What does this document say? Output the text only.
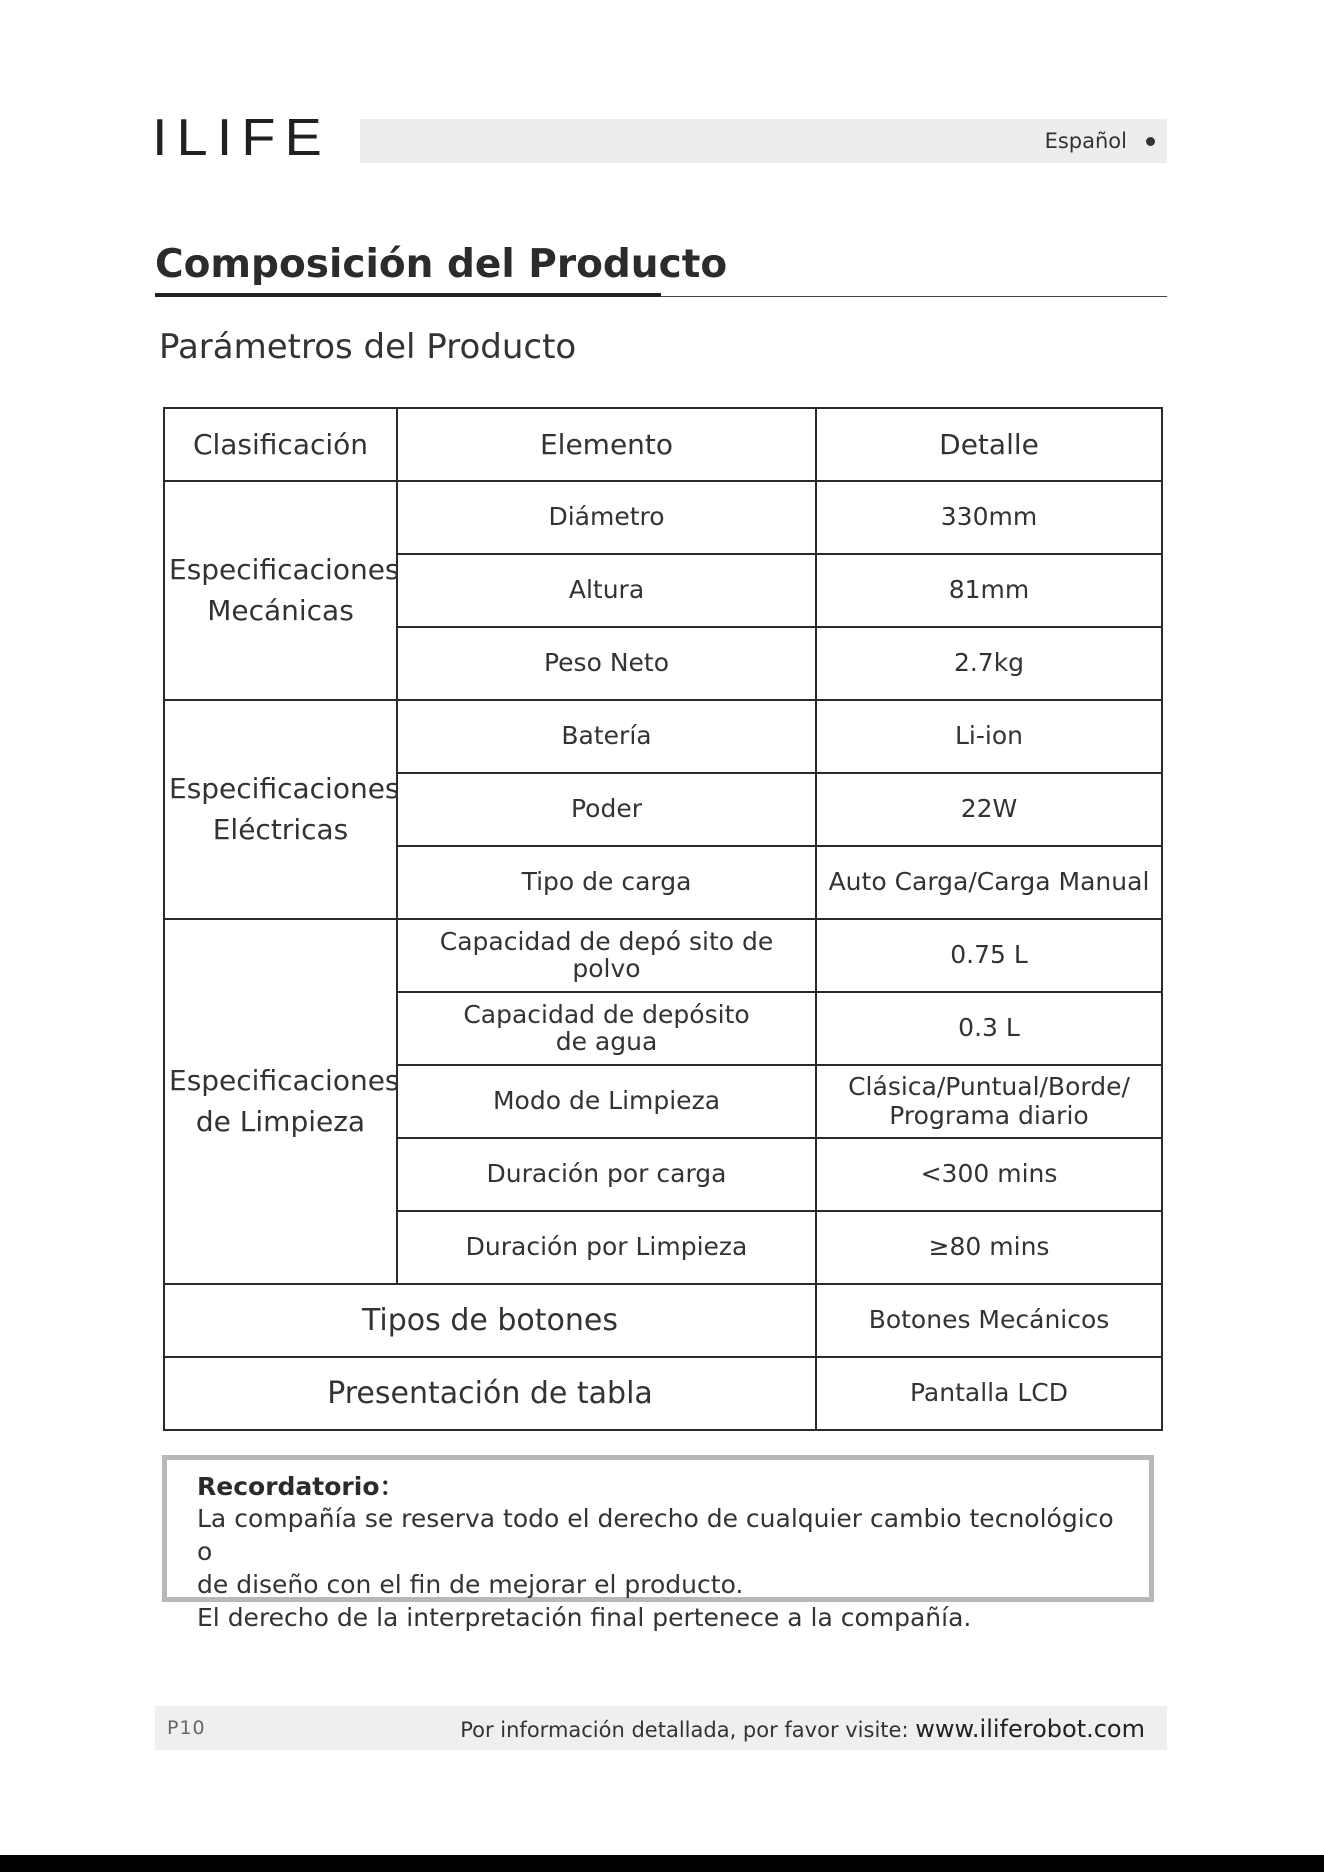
ILIFE	Español
Composición del Producto
Parámetros del Producto
Clasificación	Elemento	Detalle
Especificaciones
Mecánicas	Diámetro	330mm
	Altura	81mm
	Peso Neto	2.7kg
Especificaciones
Eléctricas	Batería	Li-ion
	Poder	22W
	Tipo de carga	Auto Carga/Carga Manual
Especificaciones
de Limpieza	Capacidad de depó sito de polvo	0.75 L
	Capacidad de depósito
de agua	0.3 L
	Modo de Limpieza	Clásica/Puntual/Borde/
Programa diario
	Duración por carga	<300 mins
	Duración por Limpieza	≥80 mins
Tipos de botones		Botones Mecánicos
Presentación de tabla		Pantalla LCD
Recordatorio：
La compañía se reserva todo el derecho de cualquier cambio tecnológico o
de diseño con el fin de mejorar el producto.
El derecho de la interpretación final pertenece a la compañía.
P10	Por información detallada, por favor visite: www.iliferobot.com
